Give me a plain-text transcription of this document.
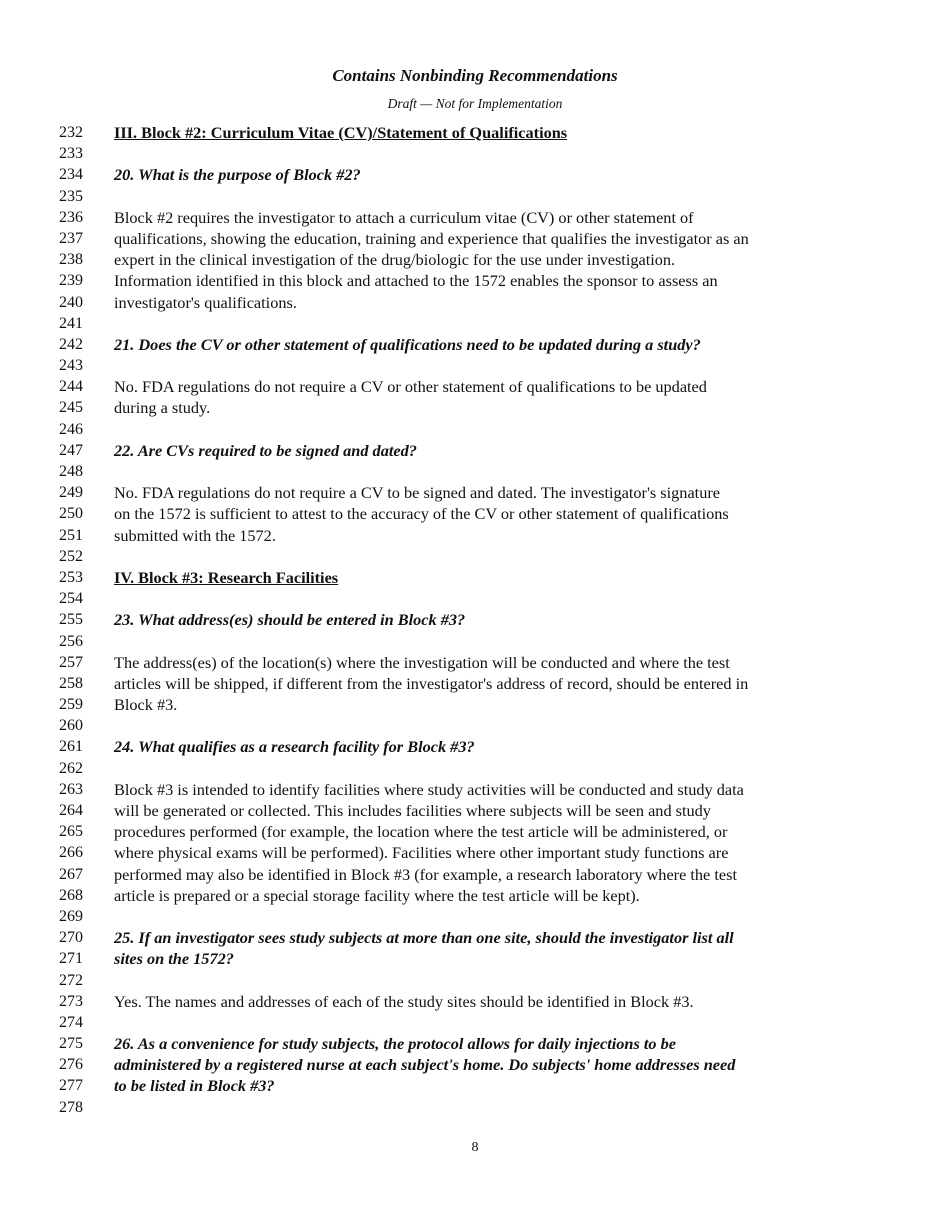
Contains Nonbinding Recommendations
Draft — Not for Implementation
232	III. Block #2: Curriculum Vitae (CV)/Statement of Qualifications
233
234	20. What is the purpose of Block #2?
235
236	Block #2 requires the investigator to attach a curriculum vitae (CV) or other statement of
237	qualifications, showing the education, training and experience that qualifies the investigator as an
238	expert in the clinical investigation of the drug/biologic for the use under investigation.
239	Information identified in this block and attached to the 1572 enables the sponsor to assess an
240	investigator's qualifications.
241
242	21. Does the CV or other statement of qualifications need to be updated during a study?
243
244	No. FDA regulations do not require a CV or other statement of qualifications to be updated
245	during a study.
246
247	22. Are CVs required to be signed and dated?
248
249	No. FDA regulations do not require a CV to be signed and dated. The investigator's signature
250	on the 1572 is sufficient to attest to the accuracy of the CV or other statement of qualifications
251	submitted with the 1572.
252
253	IV. Block #3: Research Facilities
254
255	23. What address(es) should be entered in Block #3?
256
257	The address(es) of the location(s) where the investigation will be conducted and where the test
258	articles will be shipped, if different from the investigator's address of record, should be entered in
259	Block #3.
260
261	24. What qualifies as a research facility for Block #3?
262
263	Block #3 is intended to identify facilities where study activities will be conducted and study data
264	will be generated or collected. This includes facilities where subjects will be seen and study
265	procedures performed (for example, the location where the test article will be administered, or
266	where physical exams will be performed). Facilities where other important study functions are
267	performed may also be identified in Block #3 (for example, a research laboratory where the test
268	article is prepared or a special storage facility where the test article will be kept).
269
270	25. If an investigator sees study subjects at more than one site, should the investigator list all
271	sites on the 1572?
272
273	Yes. The names and addresses of each of the study sites should be identified in Block #3.
274
275	26. As a convenience for study subjects, the protocol allows for daily injections to be
276	administered by a registered nurse at each subject's home. Do subjects' home addresses need
277	to be listed in Block #3?
278
8
